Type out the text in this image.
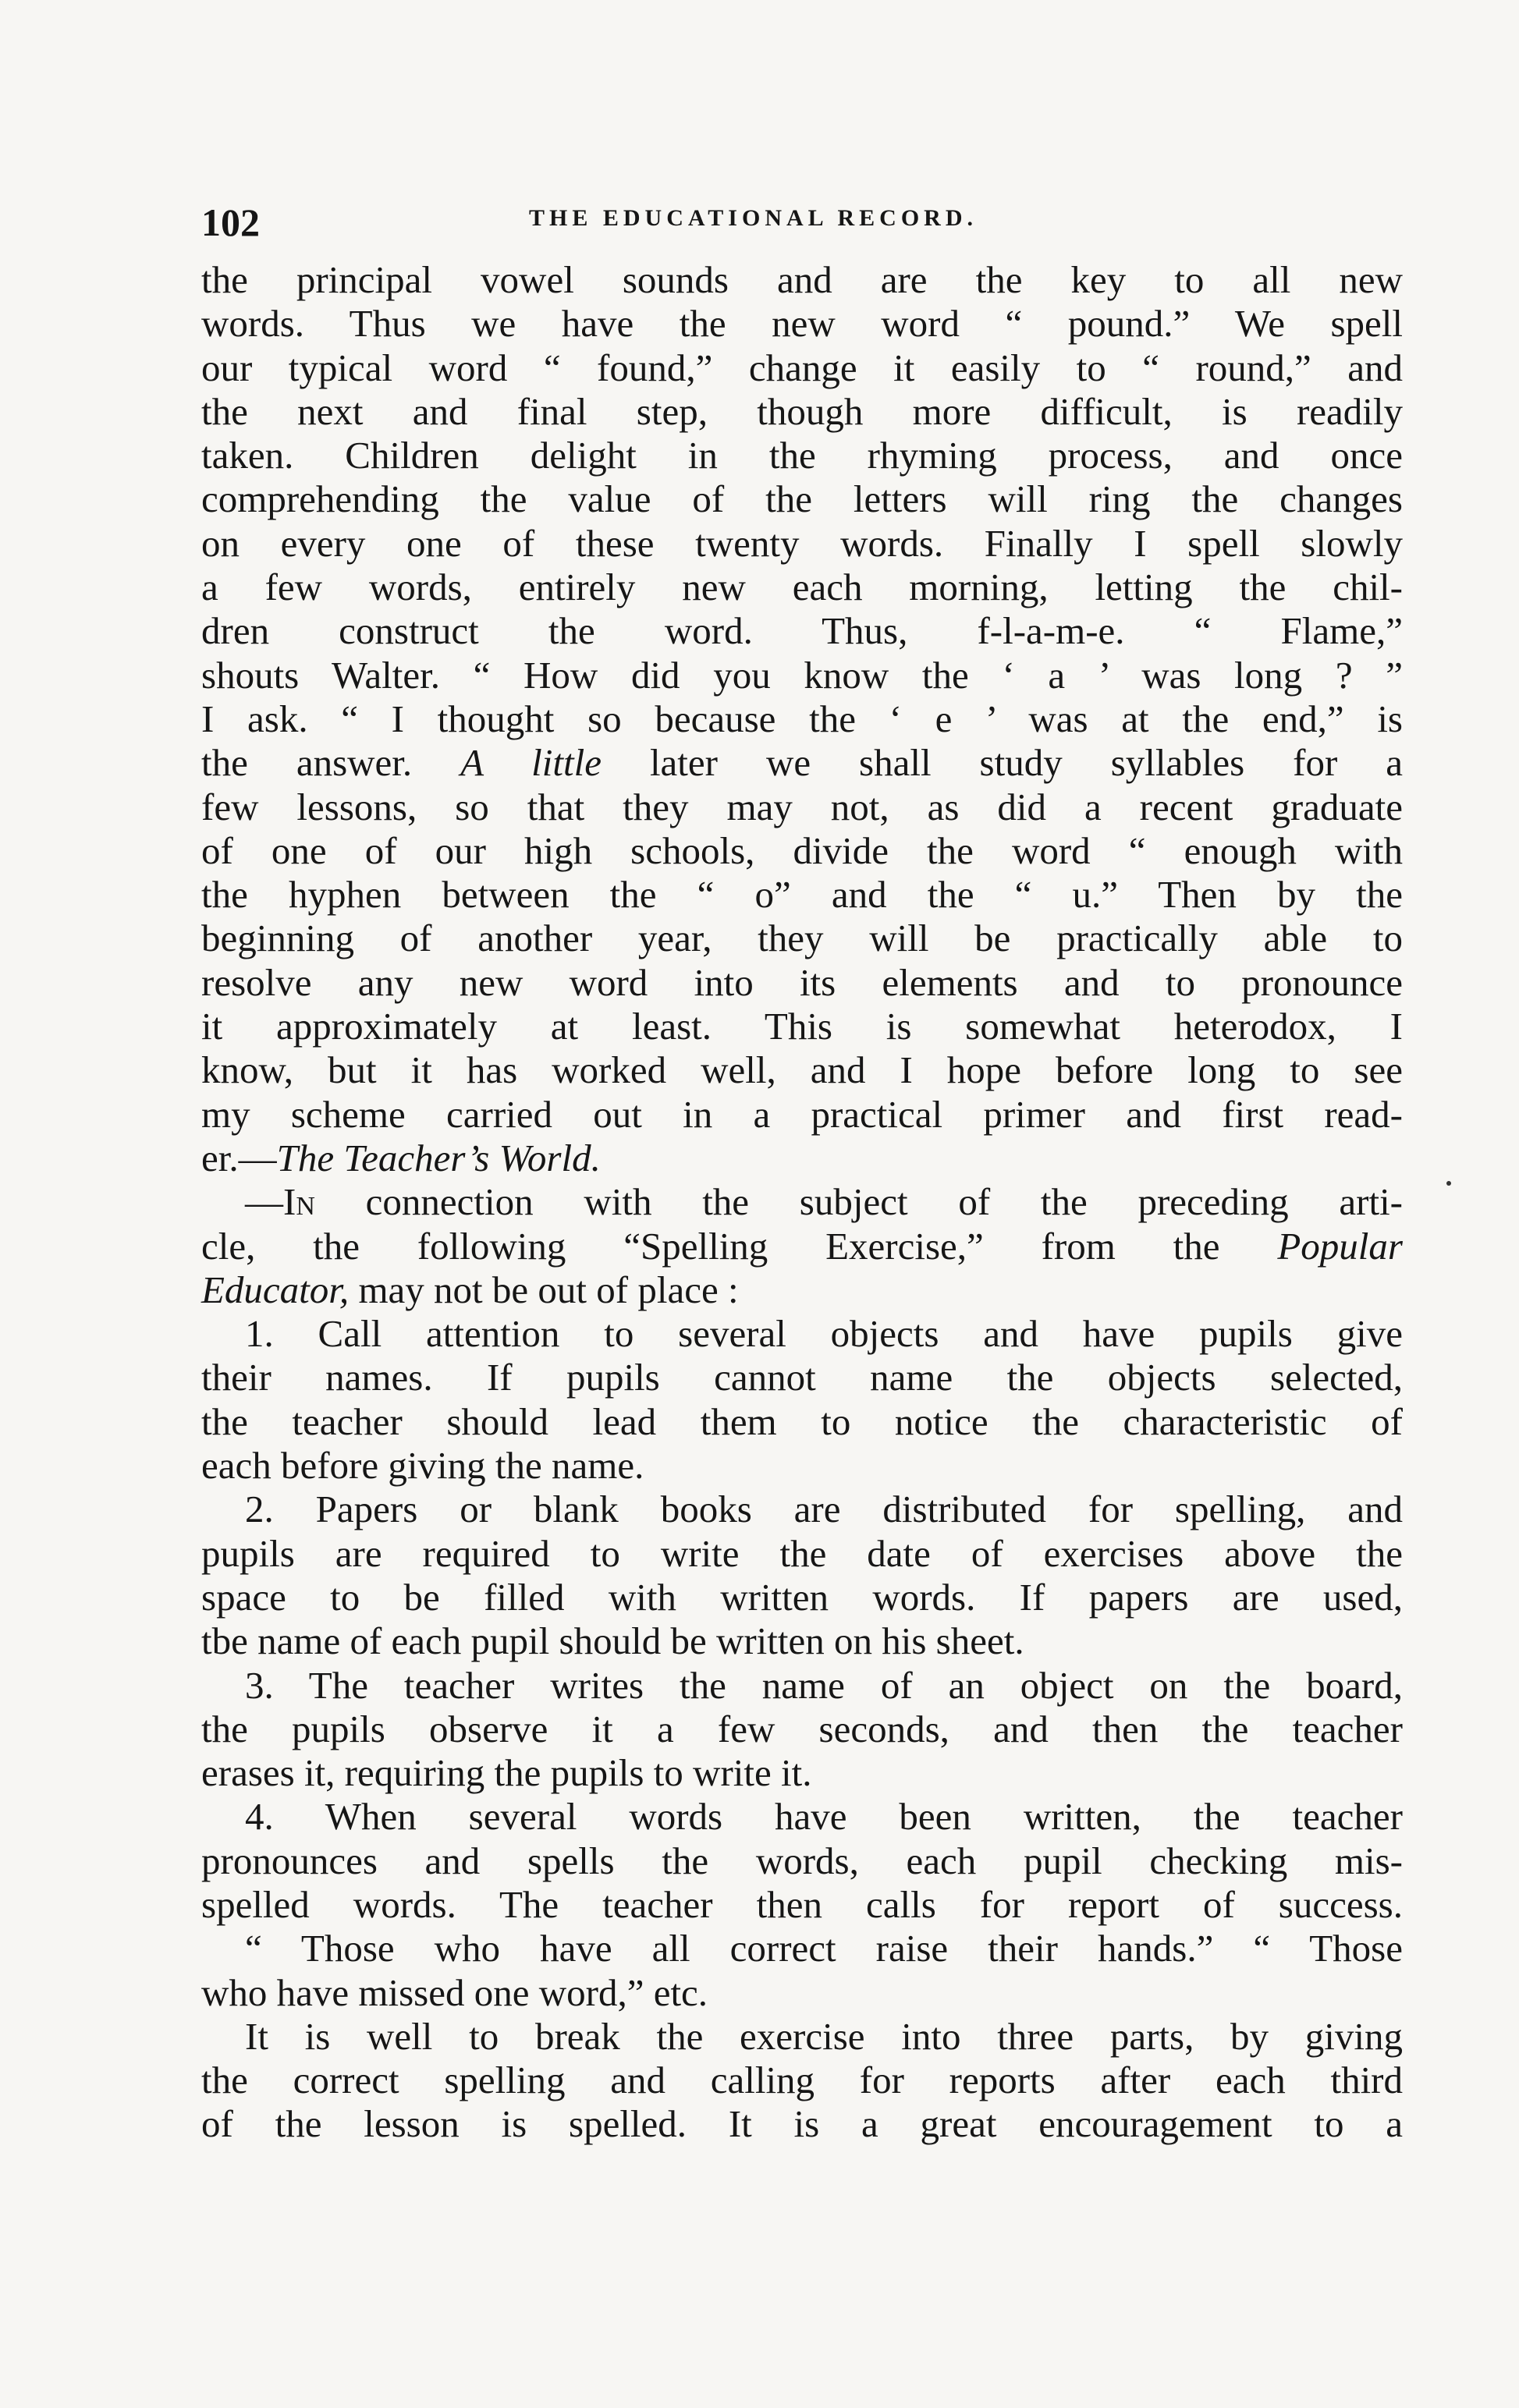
102	THE EDUCATIONAL RECORD.

the principal vowel sounds and are the key to all new

words. Thus we have the new word “ pound.” We spell

our typical word “ found,” change it easily to “ round,” and

the next and final step, though more difficult, is readily

taken. Children delight in the rhyming process, and once

comprehending the value of the letters will ring the changes

on every one of these twenty words. Finally I spell slowly

a few words, entirely new each morning, letting the chil-

dren construct the word. Thus, f-l-a-m-e. “ Flame,”

shouts Walter. “ How did you know the ‘ a ’ was long ? ”

I ask. “ I thought so because the ‘ e ’ was at the end,” is

the answer. A little later we shall study syllables for a

few lessons, so that they may not, as did a recent graduate

of one of our high schools, divide the word “ enough with

the hyphen between the “ o” and the “ u.” Then by the

beginning of another year, they will be practically able to

resolve any new word into its elements and to pronounce

it approximately at least. This is somewhat heterodox, I

know, but it has worked well, and I hope before long to see

my scheme carried out in a practical primer and first read-

er.—The Teacher’s World.

—In connection with the subject of the preceding arti-

cle, the following “Spelling Exercise,” from the Popular

Educator, may not be out of place :

1. Call attention to several objects and have pupils give

their names. If pupils cannot name the objects selected,

the teacher should lead them to notice the characteristic of

each before giving the name.

2. Papers or blank books are distributed for spelling, and

pupils are required to write the date of exercises above the

space to be filled with written words. If papers are used,

tbe name of each pupil should be written on his sheet.

3. The teacher writes the name of an object on the board,

the pupils observe it a few seconds, and then the teacher

erases it, requiring the pupils to write it.

4. When several words have been written, the teacher

pronounces and spells the words, each pupil checking mis-

spelled words. The teacher then calls for report of success.

“ Those who have all correct raise their hands.” “ Those

who have missed one word,” etc.

It is well to break the exercise into three parts, by giving

the correct spelling and calling for reports after each third

of the lesson is spelled. It is a great encouragement to a
